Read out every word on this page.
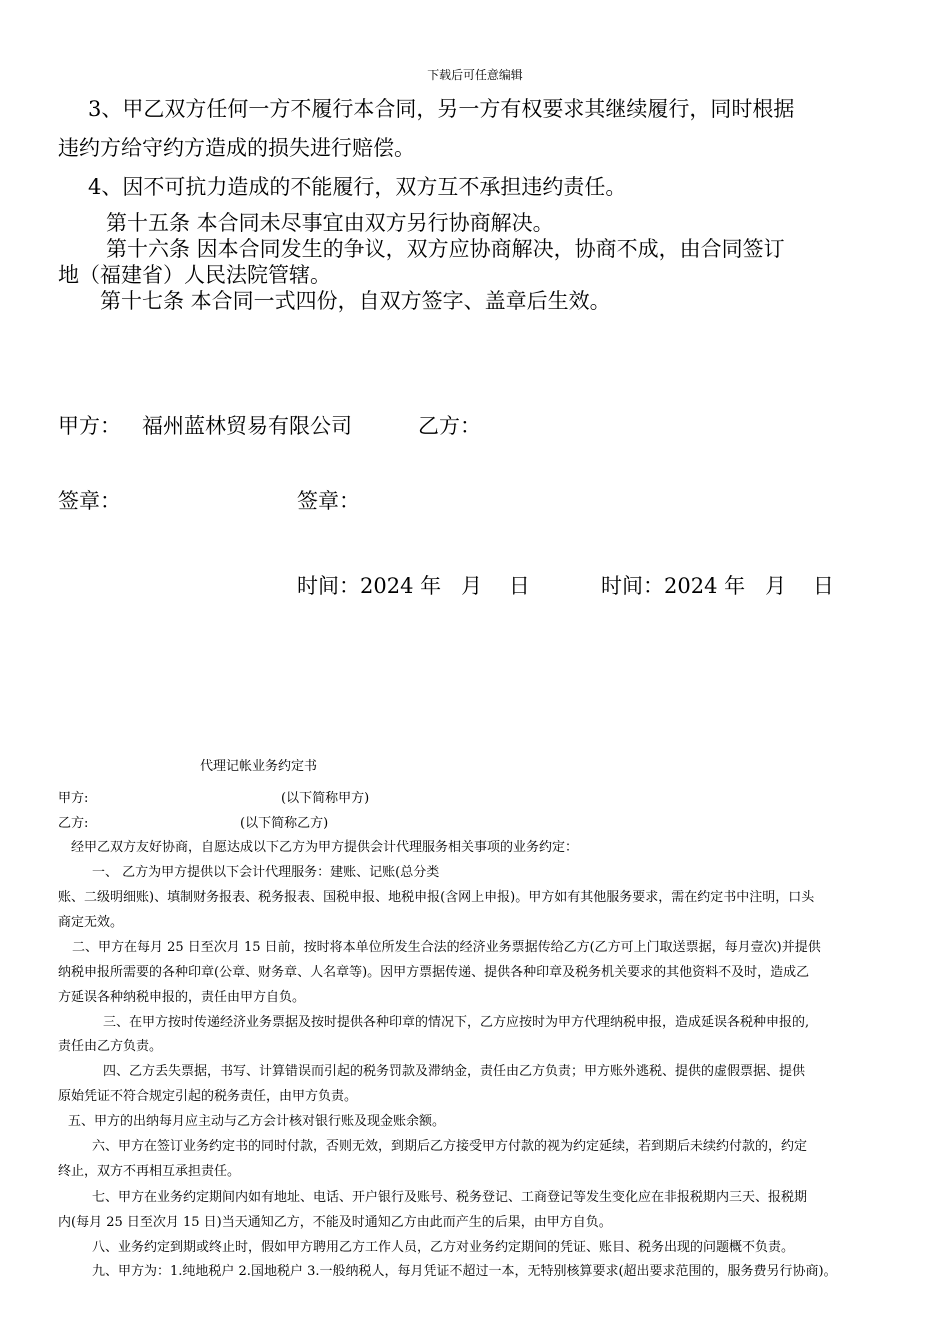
下载后可任意编辑
3、甲乙双方任何一方不履行本合同，另一方有权要求其继续履行，同时根据
违约方给守约方造成的损失进行赔偿。
4、因不可抗力造成的不能履行，双方互不承担违约责任。
第十五条 本合同未尽事宜由双方另行协商解决。
第十六条 因本合同发生的争议，双方应协商解决，协商不成，由合同签订
地（福建省）人民法院管辖。
第十七条 本合同一式四份，自双方签字、盖章后生效。
甲方： 福州蓝林贸易有限公司	乙方：
签章：	签章：
时间：2024 年   月    日	时间：2024 年   月    日
代理记帐业务约定书
甲方:	(以下简称甲方)
乙方:	(以下简称乙方)
经甲乙双方友好协商，自愿达成以下乙方为甲方提供会计代理服务相关事项的业务约定：
一、 乙方为甲方提供以下会计代理服务：建账、记账(总分类
账、二级明细账)、填制财务报表、税务报表、国税申报、地税申报(含网上申报)。甲方如有其他服务要求，需在约定书中注明，口头
商定无效。
二、甲方在每月 25 日至次月 15 日前，按时将本单位所发生合法的经济业务票据传给乙方(乙方可上门取送票据，每月壹次)并提供
纳税申报所需要的各种印章(公章、财务章、人名章等)。因甲方票据传递、提供各种印章及税务机关要求的其他资料不及时，造成乙
方延误各种纳税申报的，责任由甲方自负。
三、在甲方按时传递经济业务票据及按时提供各种印章的情况下，乙方应按时为甲方代理纳税申报，造成延误各税种申报的,
责任由乙方负责。
四、乙方丢失票据，书写、计算错误而引起的税务罚款及滞纳金，责任由乙方负责；甲方账外逃税、提供的虚假票据、提供
原始凭证不符合规定引起的税务责任，由甲方负责。
五、甲方的出纳每月应主动与乙方会计核对银行账及现金账余额。
六、甲方在签订业务约定书的同时付款，否则无效，到期后乙方接受甲方付款的视为约定延续，若到期后未续约付款的，约定
终止，双方不再相互承担责任。
七、甲方在业务约定期间内如有地址、电话、开户银行及账号、税务登记、工商登记等发生变化应在非报税期内三天、报税期
内(每月 25 日至次月 15 日)当天通知乙方，不能及时通知乙方由此而产生的后果，由甲方自负。
八、业务约定到期或终止时，假如甲方聘用乙方工作人员，乙方对业务约定期间的凭证、账目、税务出现的问题概不负责。
九、甲方为：1.纯地税户 2.国地税户 3.一般纳税人，每月凭证不超过一本，无特别核算要求(超出要求范围的，服务费另行协商)。
